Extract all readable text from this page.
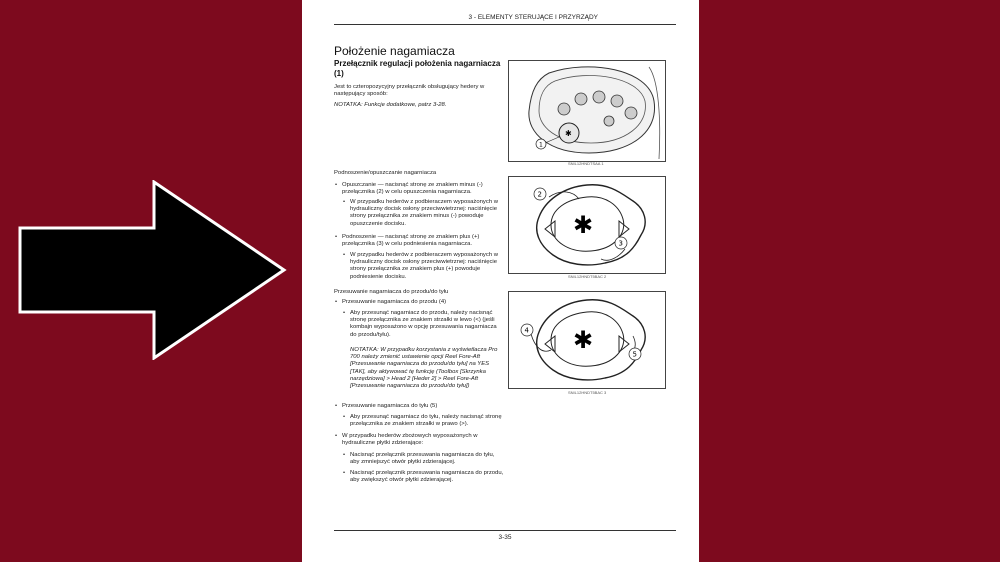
3 - ELEMENTY STERUJĄCE I PRZYRZĄDY
Położenie nagamiacza
Przełącznik regulacji położenia nagarniacza (1)
Jest to czteropozycyjny przełącznik obsługujący hedery w następujący sposób:
NOTATKA: Funkcje dodatkowe, patrz 3-28.
Podnoszenie/opuszczanie nagarniacza
• Opuszczanie — nacisnąć stronę ze znakiem minus (-) przełącznika (2) w celu opuszczenia nagarniacza.
• W przypadku hederów z podbieraczem wyposażonych w hydrauliczny docisk osłony przeciwwietrznej: naciśnięcie strony przełącznika ze znakiem minus (-) powoduje opuszczenie docisku.
• Podnoszenie — nacisnąć stronę ze znakiem plus (+) przełącznika (3) w celu podniesienia nagarniacza.
• W przypadku hederów z podbieraczem wyposażonych w hydrauliczny docisk osłony przeciwwietrznej: naciśnięcie strony przełącznika ze znakiem plus (+) powoduje podniesienie docisku.
Przesuwanie nagarniacza do przodu/do tyłu
• Przesuwanie nagarniacza do przodu (4)
• Aby przesunąć nagarniacz do przodu, należy nacisnąć stronę przełącznika ze znakiem strzałki w lewo (<) (jeśli kombajn wyposażono w opcję przesuwania nagarniacza do przodu/tyłu).
NOTATKA: W przypadku korzystania z wyświetlacza Pro 700 należy zmienić ustawienie opcji Reel Fore-Aft [Przesuwanie nagarniacza do przodu/do tyłu] na YES [TAK], aby aktywować tę funkcję (Toolbox [Skrzynka narzędziowa] > Head 2 [Heder 2] > Reel Fore-Aft [Przesuwanie nagarniacza do przodu/do tyłu])
• Przesuwanie nagarniacza do tyłu (5)
• Aby przesunąć nagarniacz do tyłu, należy nacisnąć stronę przełącznika ze znakiem strzałki w prawo (>).
• W przypadku hederów zbożowych wyposażonych w hydrauliczne płytki zdzierające:
• Nacisnąć przełącznik przesuwania nagarniacza do tyłu, aby zmniejszyć otwór płytki zdzierającej.
• Nacisnąć przełącznik przesuwania nagarniacza do przodu, aby zwiększyć otwór płytki zdzierającej.
✱
1
SNIL12HNDTSAA 1
✱
2
3
SNIL12HNDT5BAC 2
✱
4
5
SNIL12HNDT5BAC 3
3-35
